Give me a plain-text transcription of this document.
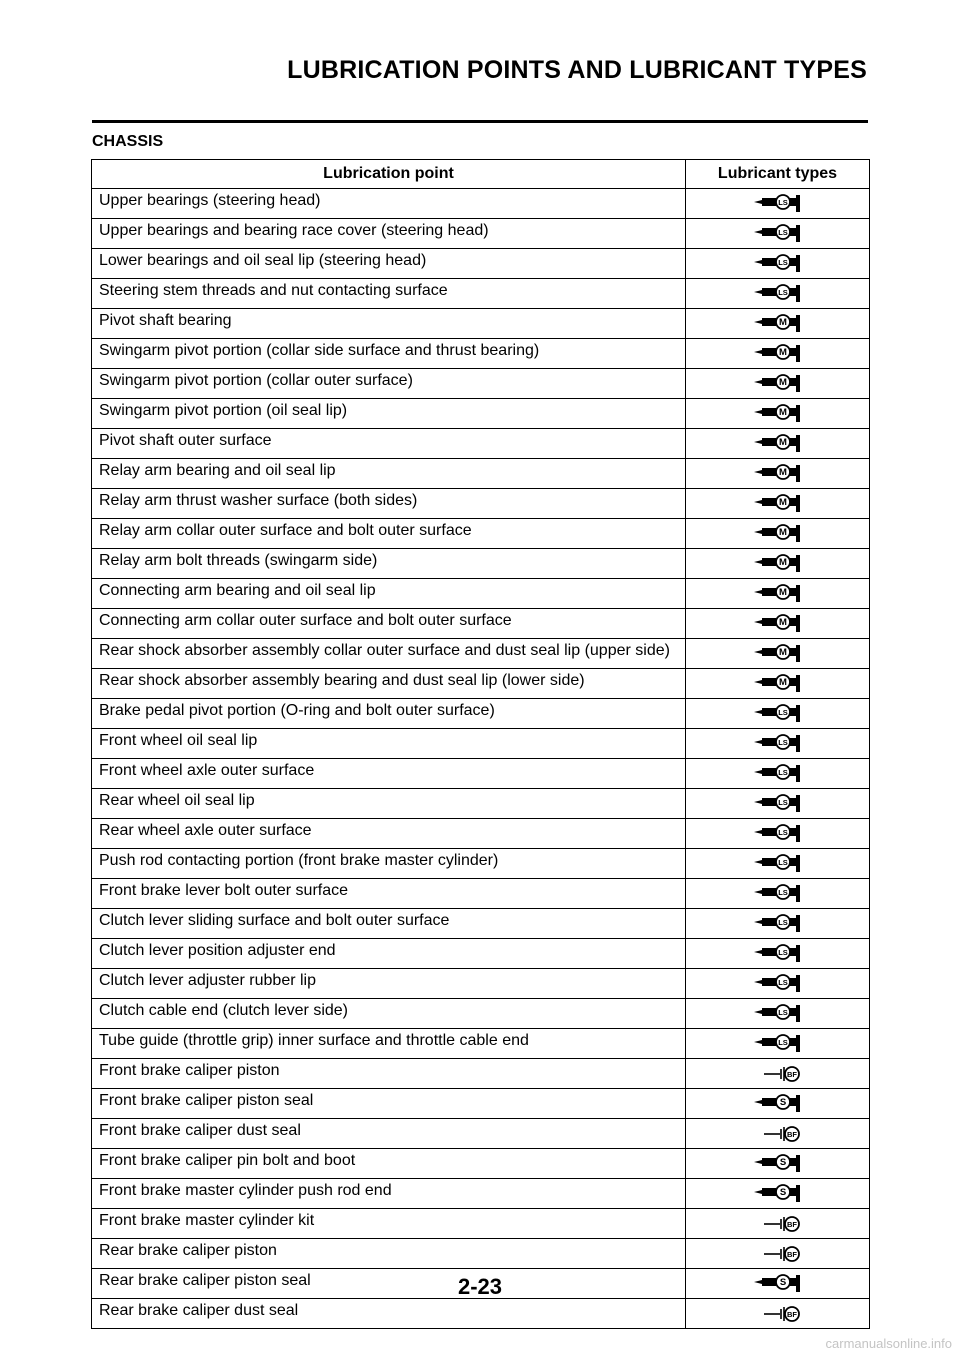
LUBRICATION POINTS AND LUBRICANT TYPES
CHASSIS
Lubrication point	Lubricant types
Upper bearings (steering head)	LS

Upper bearings and bearing race cover (steering head)	LS

Lower bearings and oil seal lip (steering head)	LS

Steering stem threads and nut contacting surface	LS

Pivot shaft bearing	M

Swingarm pivot portion (collar side surface and thrust bearing)	M

Swingarm pivot portion (collar outer surface)	M

Swingarm pivot portion (oil seal lip)	M

Pivot shaft outer surface	M

Relay arm bearing and oil seal lip	M

Relay arm thrust washer surface (both sides)	M

Relay arm collar outer surface and bolt outer surface	M

Relay arm bolt threads (swingarm side)	M

Connecting arm bearing and oil seal lip	M

Connecting arm collar outer surface and bolt outer surface	M

Rear shock absorber assembly collar outer surface and dust seal lip (upper side)	M

Rear shock absorber assembly bearing and dust seal lip (lower side)	M

Brake pedal pivot portion (O-ring and bolt outer surface)	LS

Front wheel oil seal lip	LS

Front wheel axle outer surface	LS

Rear wheel oil seal lip	LS

Rear wheel axle outer surface	LS

Push rod contacting portion (front brake master cylinder)	LS

Front brake lever bolt outer surface	LS

Clutch lever sliding surface and bolt outer surface	LS

Clutch lever position adjuster end	LS

Clutch lever adjuster rubber lip	LS

Clutch cable end (clutch lever side)	LS

Tube guide (throttle grip) inner surface and throttle cable end	LS

Front brake caliper piston	BF

Front brake caliper piston seal	S

Front brake caliper dust seal	BF

Front brake caliper pin bolt and boot	S

Front brake master cylinder push rod end	S

Front brake master cylinder kit	BF

Rear brake caliper piston	BF

Rear brake caliper piston seal	S

Rear brake caliper dust seal	BF
2-23
carmanualsonline.info
